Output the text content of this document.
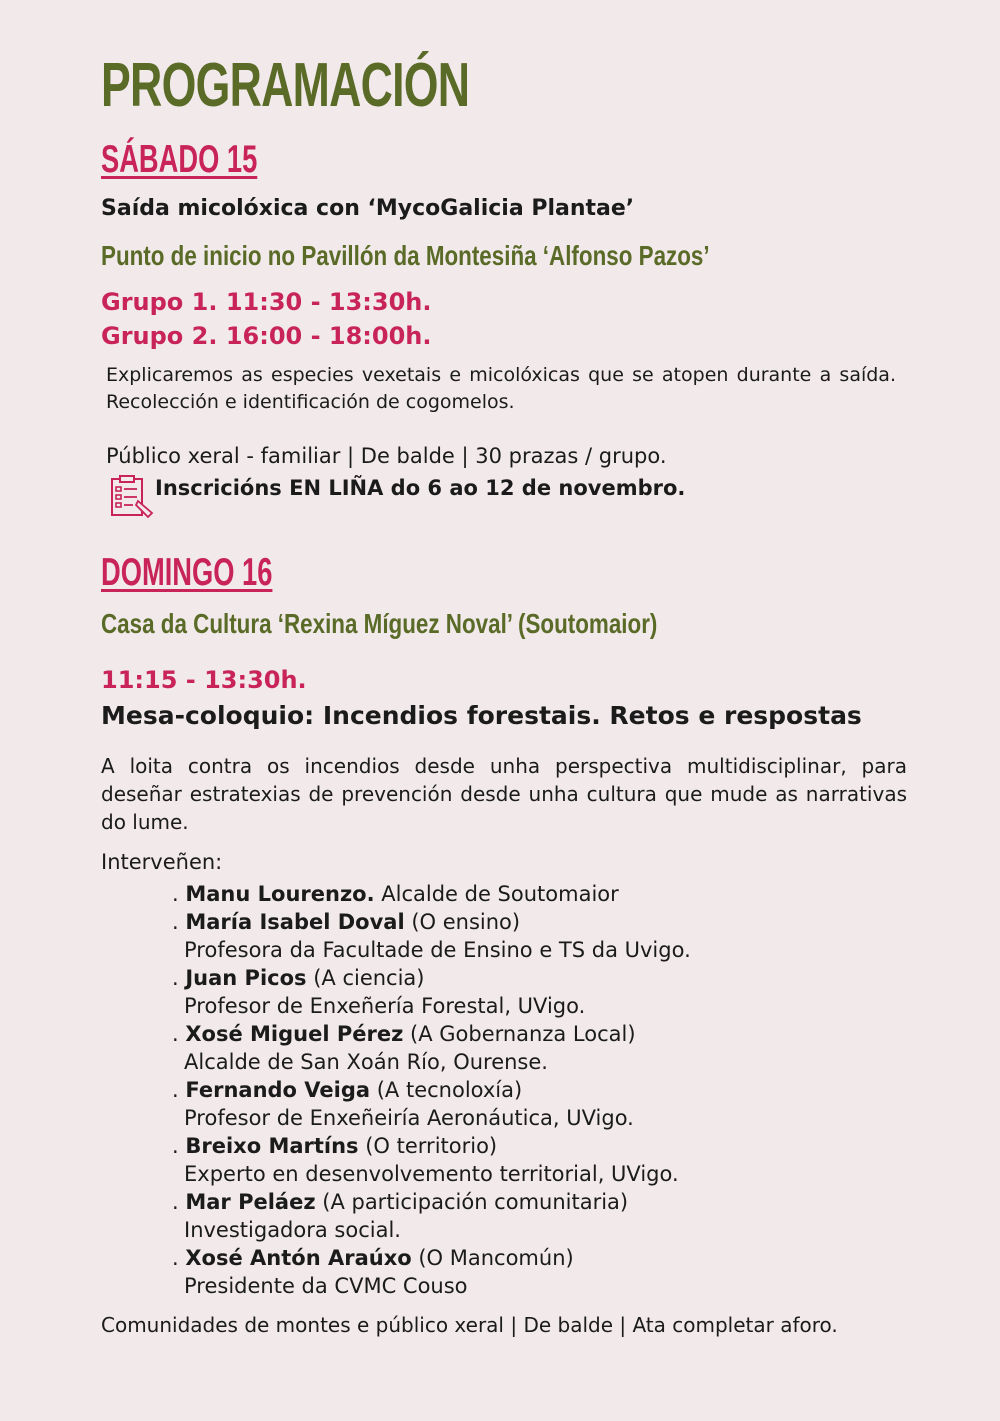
PROGRAMACIÓN
SÁBADO 15
Saída micolóxica con ‘MycoGalicia Plantae’
Punto de inicio no Pavillón da Montesiña ‘Alfonso Pazos’
Grupo 1. 11:30 - 13:30h.
Grupo 2. 16:00 - 18:00h.
Explicaremos as especies vexetais e micolóxicas que se atopen durante a saída. Recolección e identificación de cogomelos.
Público xeral - familiar | De balde | 30 prazas / grupo.
Inscricións EN LIÑA do 6 ao 12 de novembro.
DOMINGO 16
Casa da Cultura ‘Rexina Míguez Noval’ (Soutomaior)
11:15 - 13:30h.
Mesa-coloquio: Incendios forestais. Retos e respostas
A loita contra os incendios desde unha perspectiva multidisciplinar, para deseñar estratexias de prevención desde unha cultura que mude as narrativas do lume.
Interveñen:
. Manu Lourenzo. Alcalde de Soutomaior
. María Isabel Doval (O ensino)
Profesora da Facultade de Ensino e TS da Uvigo.
. Juan Picos (A ciencia)
Profesor de Enxeñería Forestal, UVigo.
. Xosé Miguel Pérez (A Gobernanza Local)
Alcalde de San Xoán Río, Ourense.
. Fernando Veiga (A tecnoloxía)
Profesor de Enxeñeiría Aeronáutica, UVigo.
. Breixo Martíns (O territorio)
Experto en desenvolvemento territorial, UVigo.
. Mar Peláez (A participación comunitaria)
Investigadora social.
. Xosé Antón Araúxo (O Mancomún)
Presidente da CVMC Couso
Comunidades de montes e público xeral | De balde | Ata completar aforo.
